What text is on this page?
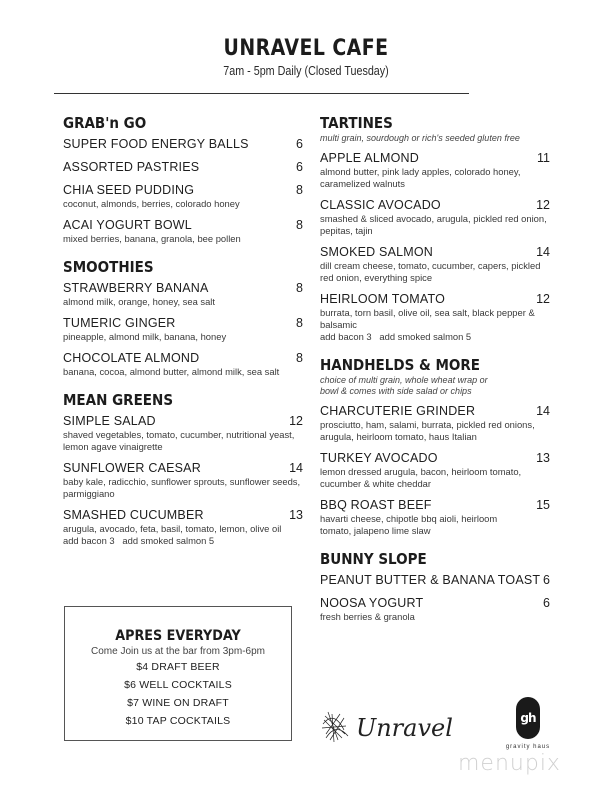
UNRAVEL CAFE
7am - 5pm Daily (Closed Tuesday)
GRAB'n GO
SUPER FOOD ENERGY BALLS	6
ASSORTED PASTRIES	6
CHIA SEED PUDDING	8
coconut, almonds, berries, colorado honey
ACAI YOGURT BOWL	8
mixed berries, banana, granola, bee pollen
SMOOTHIES
STRAWBERRY BANANA	8
almond milk, orange, honey, sea salt
TUMERIC GINGER	8
pineapple, almond milk, banana, honey
CHOCOLATE ALMOND	8
banana, cocoa, almond butter, almond milk, sea salt
MEAN GREENS
SIMPLE SALAD	12
shaved vegetables, tomato, cucumber, nutritional yeast, lemon agave vinaigrette
SUNFLOWER CAESAR	14
baby kale, radicchio, sunflower sprouts, sunflower seeds, parmiggiano
SMASHED CUCUMBER	13
arugula, avocado, feta, basil, tomato, lemon, olive oil
add bacon 3   add smoked salmon 5
TARTINES
multi grain, sourdough or rich's seeded gluten free
APPLE ALMOND	11
almond butter, pink lady apples, colorado honey, caramelized walnuts
CLASSIC AVOCADO	12
smashed & sliced avocado, arugula, pickled red onion, pepitas, tajin
SMOKED SALMON	14
dill cream cheese, tomato, cucumber, capers, pickled red onion, everything spice
HEIRLOOM TOMATO	12
burrata, torn basil, olive oil, sea salt, black pepper & balsamic
add bacon 3   add smoked salmon 5
HANDHELDS & MORE
choice of multi grain, whole wheat wrap or bowl & comes with side salad or chips
CHARCUTERIE GRINDER	14
prosciutto, ham, salami, burrata, pickled red onions, arugula, heirloom tomato, haus Italian
TURKEY AVOCADO	13
lemon dressed arugula, bacon, heirloom tomato, cucumber & white cheddar
BBQ ROAST BEEF	15
havarti cheese, chipotle bbq aioli, heirloom tomato, jalapeno lime slaw
BUNNY SLOPE
PEANUT BUTTER & BANANA TOAST 6
NOOSA YOGURT	6
fresh berries & granola
APRES EVERYDAY
Come Join us at the bar from 3pm-6pm
$4 DRAFT BEER
$6 WELL COCKTAILS
$7 WINE ON DRAFT
$10 TAP COCKTAILS	Unravel	gh
gravity haus
menupix
